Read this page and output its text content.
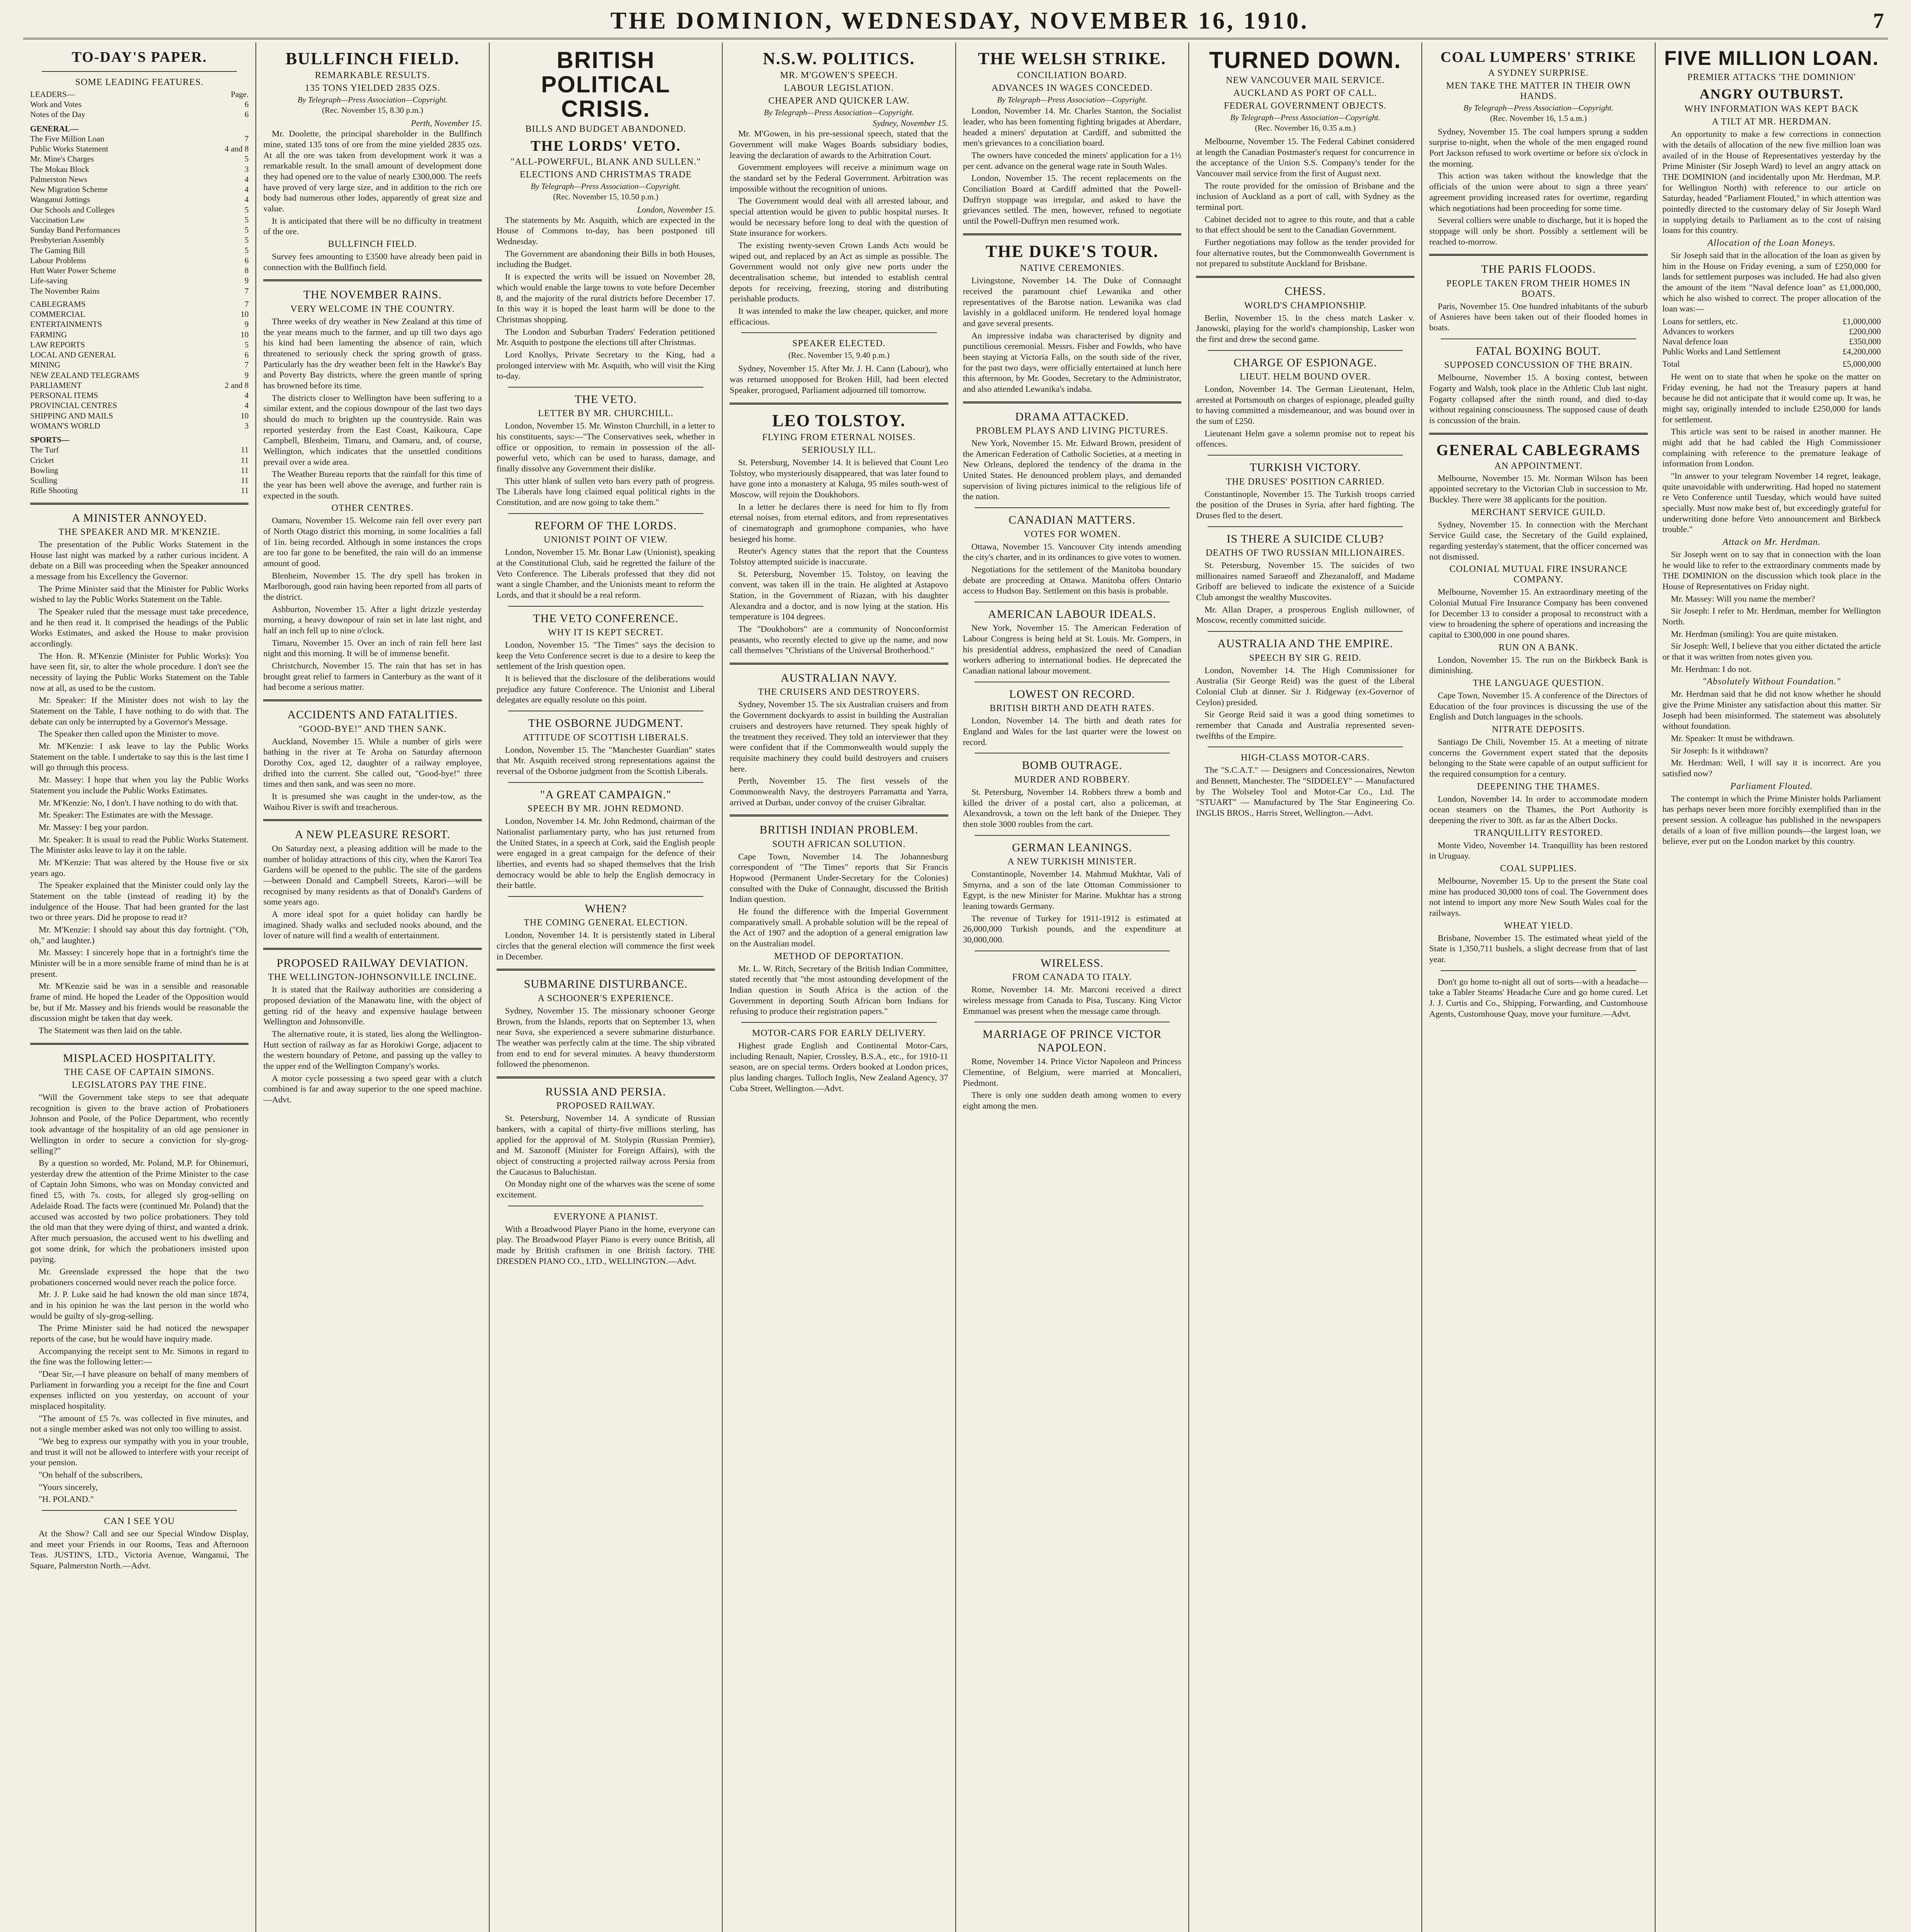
THE DOMINION, WEDNESDAY, NOVEMBER 16, 1910.	7
TO-DAY'S PAPER.
SOME LEADING FEATURES.
LEADERS—	Page.
Work and Votes	6
Notes of the Day	6
GENERAL—
The Five Million Loan	7
Public Works Statement	4 and 8
Mr. Mine's Charges	5
The Mokau Block	3
Palmerston News	4
New Migration Scheme	4
Wanganui Jottings	4
Our Schools and Colleges	5
Vaccination Law	5
Sunday Band Performances	5
Presbyterian Assembly	5
The Gaming Bill	5
Labour Problems	6
Hutt Water Power Scheme	8
Life-saving	9
The November Rains	7
CABLEGRAMS	7
COMMERCIAL	10
ENTERTAINMENTS	9
FARMING	10
LAW REPORTS	5
LOCAL AND GENERAL	6
MINING	7
NEW ZEALAND TELEGRAMS	9
PARLIAMENT	2 and 8
PERSONAL ITEMS	4
PROVINCIAL CENTRES	4
SHIPPING AND MAILS	10
WOMAN'S WORLD	3
SPORTS—
The Turf	11
Cricket	11
Bowling	11
Sculling	11
Rifle Shooting	11
A MINISTER ANNOYED.
THE SPEAKER AND MR. M'KENZIE.

The presentation of the Public Works Statement in the House last night was marked by a rather curious incident. A debate on a Bill was proceeding when the Speaker announced a message from his Excellency the Governor.

The Prime Minister said that the Minister for Public Works wished to lay the Public Works Statement on the Table.

The Speaker ruled that the message must take precedence, and he then read it. It comprised the headings of the Public Works Estimates, and asked the House to make provision accordingly.

The Hon. R. M'Kenzie (Minister for Public Works): You have seen fit, sir, to alter the whole procedure. I don't see the necessity of laying the Public Works Statement on the Table now at all, as used to be the custom.

Mr. Speaker: If the Minister does not wish to lay the Statement on the Table, I have nothing to do with that. The debate can only be interrupted by a Governor's Message.

The Speaker then called upon the Minister to move.

Mr. M'Kenzie: I ask leave to lay the Public Works Statement on the table. I undertake to say this is the last time I will go through this process.

Mr. Massey: I hope that when you lay the Public Works Statement you include the Public Works Estimates.

Mr. M'Kenzie: No, I don't. I have nothing to do with that.

Mr. Speaker: The Estimates are with the Message.

Mr. Massey: I beg your pardon.

Mr. Speaker: It is usual to read the Public Works Statement. The Minister asks leave to lay it on the table.

Mr. M'Kenzie: That was altered by the House five or six years ago.

The Speaker explained that the Minister could only lay the Statement on the table (instead of reading it) by the indulgence of the House. That had been granted for the last two or three years. Did he propose to read it?

Mr. M'Kenzie: I should say about this day fortnight. ("Oh, oh," and laughter.)

Mr. Massey: I sincerely hope that in a fortnight's time the Minister will be in a more sensible frame of mind than he is at present.

Mr. M'Kenzie said he was in a sensible and reasonable frame of mind. He hoped the Leader of the Opposition would be, but if Mr. Massey and his friends would be reasonable the discussion might be taken that day week.

The Statement was then laid on the table.

MISPLACED HOSPITALITY.
THE CASE OF CAPTAIN SIMONS.
LEGISLATORS PAY THE FINE.

"Will the Government take steps to see that adequate recognition is given to the brave action of Probationers Johnson and Poole, of the Police Department, who recently took advantage of the hospitality of an old age pensioner in Wellington in order to secure a conviction for sly-grog-selling?"

By a question so worded, Mr. Poland, M.P. for Ohinemuri, yesterday drew the attention of the Prime Minister to the case of Captain John Simons, who was on Monday convicted and fined £5, with 7s. costs, for alleged sly grog-selling on Adelaide Road. The facts were (continued Mr. Poland) that the accused was accosted by two police probationers. They told the old man that they were dying of thirst, and wanted a drink. After much persuasion, the accused went to his dwelling and got some drink, for which the probationers insisted upon paying.

Mr. Greenslade expressed the hope that the two probationers concerned would never reach the police force.

Mr. J. P. Luke said he had known the old man since 1874, and in his opinion he was the last person in the world who would be guilty of sly-grog-selling.

The Prime Minister said he had noticed the newspaper reports of the case, but he would have inquiry made.

Accompanying the receipt sent to Mr. Simons in regard to the fine was the following letter:—

"Dear Sir,—I have pleasure on behalf of many members of Parliament in forwarding you a receipt for the fine and Court expenses inflicted on you yesterday, on account of your misplaced hospitality.

"The amount of £5 7s. was collected in five minutes, and not a single member asked was not only too willing to assist.

"We beg to express our sympathy with you in your trouble, and trust it will not be allowed to interfere with your receipt of your pension.

"On behalf of the subscribers,

"Yours sincerely,

"H. POLAND."

CAN I SEE YOU

At the Show? Call and see our Special Window Display, and meet your Friends in our Rooms, Teas and Afternoon Teas. JUSTIN'S, LTD., Victoria Avenue, Wanganui, The Square, Palmerston North.—Advt.

BULLFINCH FIELD.
REMARKABLE RESULTS.
135 TONS YIELDED 2835 OZS.
By Telegraph—Press Association—Copyright.
(Rec. November 15, 8.30 p.m.)
Perth, November 15.

Mr. Doolette, the principal shareholder in the Bullfinch mine, stated 135 tons of ore from the mine yielded 2835 ozs. At all the ore was taken from development work it was a remarkable result. In the small amount of development done they had opened ore to the value of nearly £300,000. The reefs have proved of very large size, and in addition to the rich ore body had numerous other lodes, apparently of great size and value.

It is anticipated that there will be no difficulty in treatment of the ore.

BULLFINCH FIELD.

Survey fees amounting to £3500 have already been paid in connection with the Bullfinch field.

THE NOVEMBER RAINS.
VERY WELCOME IN THE COUNTRY.

Three weeks of dry weather in New Zealand at this time of the year means much to the farmer, and up till two days ago his kind had been lamenting the absence of rain, which threatened to seriously check the spring growth of grass. Particularly has the dry weather been felt in the Hawke's Bay and Poverty Bay districts, where the green mantle of spring has browned before its time.

The districts closer to Wellington have been suffering to a similar extent, and the copious downpour of the last two days should do much to brighten up the countryside. Rain was reported yesterday from the East Coast, Kaikoura, Cape Campbell, Blenheim, Timaru, and Oamaru, and, of course, Wellington, which indicates that the unsettled conditions prevail over a wide area.

The Weather Bureau reports that the rainfall for this time of the year has been well above the average, and further rain is expected in the south.

OTHER CENTRES.

Oamaru, November 15. Welcome rain fell over every part of North Otago district this morning, in some localities a fall of 1in. being recorded. Although in some instances the crops are too far gone to be benefited, the rain will do an immense amount of good.

Blenheim, November 15. The dry spell has broken in Marlborough, good rain having been reported from all parts of the district.

Ashburton, November 15. After a light drizzle yesterday morning, a heavy downpour of rain set in late last night, and half an inch fell up to nine o'clock.

Timaru, November 15. Over an inch of rain fell here last night and this morning. It will be of immense benefit.

Christchurch, November 15. The rain that has set in has brought great relief to farmers in Canterbury as the want of it had become a serious matter.

ACCIDENTS AND FATALITIES.
"GOOD-BYE!" AND THEN SANK.

Auckland, November 15. While a number of girls were bathing in the river at Te Aroha on Saturday afternoon Dorothy Cox, aged 12, daughter of a railway employee, drifted into the current. She called out, "Good-bye!" three times and then sank, and was seen no more.

It is presumed she was caught in the under-tow, as the Waihou River is swift and treacherous.

A NEW PLEASURE RESORT.

On Saturday next, a pleasing addition will be made to the number of holiday attractions of this city, when the Karori Tea Gardens will be opened to the public. The site of the gardens—between Donald and Campbell Streets, Karori—will be recognised by many residents as that of Donald's Gardens of some years ago.

A more ideal spot for a quiet holiday can hardly be imagined. Shady walks and secluded nooks abound, and the lover of nature will find a wealth of entertainment.

PROPOSED RAILWAY DEVIATION.
THE WELLINGTON-JOHNSONVILLE INCLINE.

It is stated that the Railway authorities are considering a proposed deviation of the Manawatu line, with the object of getting rid of the heavy and expensive haulage between Wellington and Johnsonville.

The alternative route, it is stated, lies along the Wellington-Hutt section of railway as far as Horokiwi Gorge, adjacent to the western boundary of Petone, and passing up the valley to the upper end of the Wellington Company's works.

A motor cycle possessing a two speed gear with a clutch combined is far and away superior to the one speed machine.—Advt.

BRITISH POLITICAL CRISIS.
BILLS AND BUDGET ABANDONED.
THE LORDS' VETO.
"ALL-POWERFUL, BLANK AND SULLEN."
ELECTIONS AND CHRISTMAS TRADE
By Telegraph—Press Association—Copyright.
(Rec. November 15, 10.50 p.m.)
London, November 15.

The statements by Mr. Asquith, which are expected in the House of Commons to-day, has been postponed till Wednesday.

The Government are abandoning their Bills in both Houses, including the Budget.

It is expected the writs will be issued on November 28, which would enable the large towns to vote before December 8, and the majority of the rural districts before December 17. In this way it is hoped the least harm will be done to the Christmas shopping.

The London and Suburban Traders' Federation petitioned Mr. Asquith to postpone the elections till after Christmas.

Lord Knollys, Private Secretary to the King, had a prolonged interview with Mr. Asquith, who will visit the King to-day.

THE VETO.
LETTER BY MR. CHURCHILL.

London, November 15. Mr. Winston Churchill, in a letter to his constituents, says:—"The Conservatives seek, whether in office or opposition, to remain in possession of the all-powerful veto, which can be used to harass, damage, and finally dissolve any Government their dislike.

This utter blank of sullen veto bars every path of progress. The Liberals have long claimed equal political rights in the Constitution, and are now going to take them."

REFORM OF THE LORDS.
UNIONIST POINT OF VIEW.

London, November 15. Mr. Bonar Law (Unionist), speaking at the Constitutional Club, said he regretted the failure of the Veto Conference. The Liberals professed that they did not want a single Chamber, and the Unionists meant to reform the Lords, and that it should be a real reform.

THE VETO CONFERENCE.
WHY IT IS KEPT SECRET.

London, November 15. "The Times" says the decision to keep the Veto Conference secret is due to a desire to keep the settlement of the Irish question open.

It is believed that the disclosure of the deliberations would prejudice any future Conference. The Unionist and Liberal delegates are equally resolute on this point.

THE OSBORNE JUDGMENT.
ATTITUDE OF SCOTTISH LIBERALS.

London, November 15. The "Manchester Guardian" states that Mr. Asquith received strong representations against the reversal of the Osborne judgment from the Scottish Liberals.

"A GREAT CAMPAIGN."
SPEECH BY MR. JOHN REDMOND.

London, November 14. Mr. John Redmond, chairman of the Nationalist parliamentary party, who has just returned from the United States, in a speech at Cork, said the English people were engaged in a great campaign for the defence of their liberties, and events had so shaped themselves that the Irish democracy would be able to help the English democracy in their battle.

WHEN?
THE COMING GENERAL ELECTION.

London, November 14. It is persistently stated in Liberal circles that the general election will commence the first week in December.

SUBMARINE DISTURBANCE.
A SCHOONER'S EXPERIENCE.

Sydney, November 15. The missionary schooner George Brown, from the Islands, reports that on September 13, when near Suva, she experienced a severe submarine disturbance. The weather was perfectly calm at the time. The ship vibrated from end to end for several minutes. A heavy thunderstorm followed the phenomenon.

RUSSIA AND PERSIA.
PROPOSED RAILWAY.

St. Petersburg, November 14. A syndicate of Russian bankers, with a capital of thirty-five millions sterling, has applied for the approval of M. Stolypin (Russian Premier), and M. Sazonoff (Minister for Foreign Affairs), with the object of constructing a projected railway across Persia from the Caucasus to Baluchistan.

On Monday night one of the wharves was the scene of some excitement.

EVERYONE A PIANIST.

With a Broadwood Player Piano in the home, everyone can play. The Broadwood Player Piano is every ounce British, all made by British craftsmen in one British factory. THE DRESDEN PIANO CO., LTD., WELLINGTON.—Advt.

N.S.W. POLITICS.
MR. M'GOWEN'S SPEECH.
LABOUR LEGISLATION.
CHEAPER AND QUICKER LAW.
By Telegraph—Press Association—Copyright.
Sydney, November 15.

Mr. M'Gowen, in his pre-sessional speech, stated that the Government will make Wages Boards subsidiary bodies, leaving the declaration of awards to the Arbitration Court.

Government employees will receive a minimum wage on the standard set by the Federal Government. Arbitration was impossible without the recognition of unions.

The Government would deal with all arrested labour, and special attention would be given to public hospital nurses. It would be necessary before long to deal with the question of State insurance for workers.

The existing twenty-seven Crown Lands Acts would be wiped out, and replaced by an Act as simple as possible. The Government would not only give new ports under the decentralisation scheme, but intended to establish central depots for receiving, freezing, storing and distributing perishable products.

It was intended to make the law cheaper, quicker, and more efficacious.

SPEAKER ELECTED.
(Rec. November 15, 9.40 p.m.)

Sydney, November 15. After Mr. J. H. Cann (Labour), who was returned unopposed for Broken Hill, had been elected Speaker, prorogued, Parliament adjourned till tomorrow.

LEO TOLSTOY.
FLYING FROM ETERNAL NOISES.
SERIOUSLY ILL.

St. Petersburg, November 14. It is believed that Count Leo Tolstoy, who mysteriously disappeared, that was later found to have gone into a monastery at Kaluga, 95 miles south-west of Moscow, will rejoin the Doukhobors.

In a letter he declares there is need for him to fly from eternal noises, from eternal editors, and from representatives of cinematograph and gramophone companies, who have besieged his home.

Reuter's Agency states that the report that the Countess Tolstoy attempted suicide is inaccurate.

St. Petersburg, November 15. Tolstoy, on leaving the convent, was taken ill in the train. He alighted at Astapovo Station, in the Government of Riazan, with his daughter Alexandra and a doctor, and is now lying at the station. His temperature is 104 degrees.

The "Doukhobors" are a community of Nonconformist peasants, who recently elected to give up the name, and now call themselves "Christians of the Universal Brotherhood."

AUSTRALIAN NAVY.
THE CRUISERS AND DESTROYERS.

Sydney, November 15. The six Australian cruisers and from the Government dockyards to assist in building the Australian cruisers and destroyers have returned. They speak highly of the treatment they received. They told an interviewer that they were confident that if the Commonwealth would supply the requisite machinery they could build destroyers and cruisers here.

Perth, November 15. The first vessels of the Commonwealth Navy, the destroyers Parramatta and Yarra, arrived at Durban, under convoy of the cruiser Gibraltar.

BRITISH INDIAN PROBLEM.
SOUTH AFRICAN SOLUTION.

Cape Town, November 14. The Johannesburg correspondent of "The Times" reports that Sir Francis Hopwood (Permanent Under-Secretary for the Colonies) consulted with the Duke of Connaught, discussed the British Indian question.

He found the difference with the Imperial Government comparatively small. A probable solution will be the repeal of the Act of 1907 and the adoption of a general emigration law on the Australian model.

METHOD OF DEPORTATION.

Mr. L. W. Ritch, Secretary of the British Indian Committee, stated recently that "the most astounding development of the Indian question in South Africa is the action of the Government in deporting South African born Indians for refusing to produce their registration papers."

MOTOR-CARS FOR EARLY DELIVERY.

Highest grade English and Continental Motor-Cars, including Renault, Napier, Crossley, B.S.A., etc., for 1910-11 season, are on special terms. Orders booked at London prices, plus landing charges. Tulloch Inglis, New Zealand Agency, 37 Cuba Street, Wellington.—Advt.

THE WELSH STRIKE.
CONCILIATION BOARD.
ADVANCES IN WAGES CONCEDED.
By Telegraph—Press Association—Copyright.

London, November 14. Mr. Charles Stanton, the Socialist leader, who has been fomenting fighting brigades at Aberdare, headed a miners' deputation at Cardiff, and submitted the men's grievances to a conciliation board.

The owners have conceded the miners' application for a 1½ per cent. advance on the general wage rate in South Wales.

London, November 15. The recent replacements on the Conciliation Board at Cardiff admitted that the Powell-Duffryn stoppage was irregular, and asked to have the grievances settled. The men, however, refused to negotiate until the Powell-Duffryn men resumed work.

THE DUKE'S TOUR.
NATIVE CEREMONIES.

Livingstone, November 14. The Duke of Connaught received the paramount chief Lewanika and other representatives of the Barotse nation. Lewanika was clad lavishly in a goldlaced uniform. He tendered loyal homage and gave several presents.

An impressive indaba was characterised by dignity and punctilious ceremonial. Messrs. Fisher and Fowlds, who have been staying at Victoria Falls, on the south side of the river, for the past two days, were officially entertained at lunch here this afternoon, by Mr. Goodes, Secretary to the Administrator, and also attended Lewanika's indaba.

DRAMA ATTACKED.
PROBLEM PLAYS AND LIVING PICTURES.

New York, November 15. Mr. Edward Brown, president of the American Federation of Catholic Societies, at a meeting in New Orleans, deplored the tendency of the drama in the United States. He denounced problem plays, and demanded supervision of living pictures inimical to the religious life of the nation.

CANADIAN MATTERS.
VOTES FOR WOMEN.

Ottawa, November 15. Vancouver City intends amending the city's charter, and in its ordinances to give votes to women.

Negotiations for the settlement of the Manitoba boundary debate are proceeding at Ottawa. Manitoba offers Ontario access to Hudson Bay. Settlement on this basis is probable.

AMERICAN LABOUR IDEALS.

New York, November 15. The American Federation of Labour Congress is being held at St. Louis. Mr. Gompers, in his presidential address, emphasized the need of Canadian workers adhering to international bodies. He deprecated the Canadian national labour movement.

LOWEST ON RECORD.
BRITISH BIRTH AND DEATH RATES.

London, November 14. The birth and death rates for England and Wales for the last quarter were the lowest on record.

BOMB OUTRAGE.
MURDER AND ROBBERY.

St. Petersburg, November 14. Robbers threw a bomb and killed the driver of a postal cart, also a policeman, at Alexandrovsk, a town on the left bank of the Dnieper. They then stole 3000 roubles from the cart.

GERMAN LEANINGS.
A NEW TURKISH MINISTER.

Constantinople, November 14. Mahmud Mukhtar, Vali of Smyrna, and a son of the late Ottoman Commissioner to Egypt, is the new Minister for Marine. Mukhtar has a strong leaning towards Germany.

The revenue of Turkey for 1911-1912 is estimated at 26,000,000 Turkish pounds, and the expenditure at 30,000,000.

WIRELESS.
FROM CANADA TO ITALY.

Rome, November 14. Mr. Marconi received a direct wireless message from Canada to Pisa, Tuscany. King Victor Emmanuel was present when the message came through.

MARRIAGE OF PRINCE VICTOR NAPOLEON.

Rome, November 14. Prince Victor Napoleon and Princess Clementine, of Belgium, were married at Moncalieri, Piedmont.

There is only one sudden death among women to every eight among the men.

TURNED DOWN.
NEW VANCOUVER MAIL SERVICE.
AUCKLAND AS PORT OF CALL.
FEDERAL GOVERNMENT OBJECTS.
By Telegraph—Press Association—Copyright.
(Rec. November 16, 0.35 a.m.)

Melbourne, November 15. The Federal Cabinet considered at length the Canadian Postmaster's request for concurrence in the acceptance of the Union S.S. Company's tender for the Vancouver mail service from the first of August next.

The route provided for the omission of Brisbane and the inclusion of Auckland as a port of call, with Sydney as the terminal port.

Cabinet decided not to agree to this route, and that a cable to that effect should be sent to the Canadian Government.

Further negotiations may follow as the tender provided for four alternative routes, but the Commonwealth Government is not prepared to substitute Auckland for Brisbane.

CHESS.
WORLD'S CHAMPIONSHIP.

Berlin, November 15. In the chess match Lasker v. Janowski, playing for the world's championship, Lasker won the first and drew the second game.

CHARGE OF ESPIONAGE.
LIEUT. HELM BOUND OVER.

London, November 14. The German Lieutenant, Helm, arrested at Portsmouth on charges of espionage, pleaded guilty to having committed a misdemeanour, and was bound over in the sum of £250.

Lieutenant Helm gave a solemn promise not to repeat his offences.

TURKISH VICTORY.
THE DRUSES' POSITION CARRIED.

Constantinople, November 15. The Turkish troops carried the position of the Druses in Syria, after hard fighting. The Druses fled to the desert.

IS THERE A SUICIDE CLUB?
DEATHS OF TWO RUSSIAN MILLIONAIRES.

St. Petersburg, November 15. The suicides of two millionaires named Saraeoff and Zhezanaloff, and Madame Griboff are believed to indicate the existence of a Suicide Club amongst the wealthy Muscovites.

Mr. Allan Draper, a prosperous English millowner, of Moscow, recently committed suicide.

AUSTRALIA AND THE EMPIRE.
SPEECH BY SIR G. REID.

London, November 14. The High Commissioner for Australia (Sir George Reid) was the guest of the Liberal Colonial Club at dinner. Sir J. Ridgeway (ex-Governor of Ceylon) presided.

Sir George Reid said it was a good thing sometimes to remember that Canada and Australia represented seven-twelfths of the Empire.

HIGH-CLASS MOTOR-CARS.

The "S.C.A.T." — Designers and Concessionaires, Newton and Bennett, Manchester. The "SIDDELEY" — Manufactured by The Wolseley Tool and Motor-Car Co., Ltd. The "STUART" — Manufactured by The Star Engineering Co. INGLIS BROS., Harris Street, Wellington.—Advt.

COAL LUMPERS' STRIKE
A SYDNEY SURPRISE.
MEN TAKE THE MATTER IN THEIR OWN HANDS.
By Telegraph—Press Association—Copyright.
(Rec. November 16, 1.5 a.m.)

Sydney, November 15. The coal lumpers sprung a sudden surprise to-night, when the whole of the men engaged round Port Jackson refused to work overtime or before six o'clock in the morning.

This action was taken without the knowledge that the officials of the union were about to sign a three years' agreement providing increased rates for overtime, regarding which negotiations had been proceeding for some time.

Several colliers were unable to discharge, but it is hoped the stoppage will only be short. Possibly a settlement will be reached to-morrow.

THE PARIS FLOODS.
PEOPLE TAKEN FROM THEIR HOMES IN BOATS.

Paris, November 15. One hundred inhabitants of the suburb of Asnieres have been taken out of their flooded homes in boats.

FATAL BOXING BOUT.
SUPPOSED CONCUSSION OF THE BRAIN.

Melbourne, November 15. A boxing contest, between Fogarty and Walsh, took place in the Athletic Club last night. Fogarty collapsed after the ninth round, and died to-day without regaining consciousness. The supposed cause of death is concussion of the brain.

GENERAL CABLEGRAMS
AN APPOINTMENT.

Melbourne, November 15. Mr. Norman Wilson has been appointed secretary to the Victorian Club in succession to Mr. Buckley. There were 38 applicants for the position.

MERCHANT SERVICE GUILD.

Sydney, November 15. In connection with the Merchant Service Guild case, the Secretary of the Guild explained, regarding yesterday's statement, that the officer concerned was not dismissed.

COLONIAL MUTUAL FIRE INSURANCE COMPANY.

Melbourne, November 15. An extraordinary meeting of the Colonial Mutual Fire Insurance Company has been convened for December 13 to consider a proposal to reconstruct with a view to broadening the sphere of operations and increasing the capital to £300,000 in one pound shares.

RUN ON A BANK.

London, November 15. The run on the Birkbeck Bank is diminishing.

THE LANGUAGE QUESTION.

Cape Town, November 15. A conference of the Directors of Education of the four provinces is discussing the use of the English and Dutch languages in the schools.

NITRATE DEPOSITS.

Santiago De Chili, November 15. At a meeting of nitrate concerns the Government expert stated that the deposits belonging to the State were capable of an output sufficient for the required consumption for a century.

DEEPENING THE THAMES.

London, November 14. In order to accommodate modern ocean steamers on the Thames, the Port Authority is deepening the river to 30ft. as far as the Albert Docks.

TRANQUILLITY RESTORED.

Monte Video, November 14. Tranquillity has been restored in Uruguay.

COAL SUPPLIES.

Melbourne, November 15. Up to the present the State coal mine has produced 30,000 tons of coal. The Government does not intend to import any more New South Wales coal for the railways.

WHEAT YIELD.

Brisbane, November 15. The estimated wheat yield of the State is 1,350,711 bushels, a slight decrease from that of last year.

Don't go home to-night all out of sorts—with a headache—take a Tabler Steams' Headache Cure and go home cured. Let J. J. Curtis and Co., Shipping, Forwarding, and Customhouse Agents, Customhouse Quay, move your furniture.—Advt.

FIVE MILLION LOAN.
PREMIER ATTACKS 'THE DOMINION'
ANGRY OUTBURST.
WHY INFORMATION WAS KEPT BACK
A TILT AT MR. HERDMAN.

An opportunity to make a few corrections in connection with the details of allocation of the new five million loan was availed of in the House of Representatives yesterday by the Prime Minister (Sir Joseph Ward) to level an angry attack on THE DOMINION (and incidentally upon Mr. Herdman, M.P. for Wellington North) with reference to our article on Saturday, headed "Parliament Flouted," in which attention was pointedly directed to the customary delay of Sir Joseph Ward in supplying details to Parliament as to the cost of raising loans for this country.

Allocation of the Loan Moneys.

Sir Joseph said that in the allocation of the loan as given by him in the House on Friday evening, a sum of £250,000 for lands for settlement purposes was included. He had also given the amount of the item "Naval defence loan" as £1,000,000, which he also wished to correct. The proper allocation of the loan was:—

Loans for settlers, etc.	£1,000,000
Advances to workers	£200,000
Naval defence loan	£350,000
Public Works and Land Settlement	£4,200,000
Total	£5,000,000

He went on to state that when he spoke on the matter on Friday evening, he had not the Treasury papers at hand because he did not anticipate that it would come up. It was, he might say, originally intended to include £250,000 for lands for settlement.

This article was sent to be raised in another manner. He might add that he had cabled the High Commissioner complaining with reference to the premature leakage of information from London.

"In answer to your telegram November 14 regret, leakage, quite unavoidable with underwriting. Had hoped no statement re Veto Conference until Tuesday, which would have suited specially. Must now make best of, but exceedingly grateful for underwriting done before Veto announcement and Birkbeck trouble."

Attack on Mr. Herdman.

Sir Joseph went on to say that in connection with the loan he would like to refer to the extraordinary comments made by THE DOMINION on the discussion which took place in the House of Representatives on Friday night.

Mr. Massey: Will you name the member?

Sir Joseph: I refer to Mr. Herdman, member for Wellington North.

Mr. Herdman (smiling): You are quite mistaken.

Sir Joseph: Well, I believe that you either dictated the article or that it was written from notes given you.

Mr. Herdman: I do not.

"Absolutely Without Foundation."

Mr. Herdman said that he did not know whether he should give the Prime Minister any satisfaction about this matter. Sir Joseph had been misinformed. The statement was absolutely without foundation.

Mr. Speaker: It must be withdrawn.

Sir Joseph: Is it withdrawn?

Mr. Herdman: Well, I will say it is incorrect. Are you satisfied now?

Parliament Flouted.

The contempt in which the Prime Minister holds Parliament has perhaps never been more forcibly exemplified than in the present session. A colleague has published in the newspapers details of a loan of five million pounds—the largest loan, we believe, ever put on the London market by this country.
